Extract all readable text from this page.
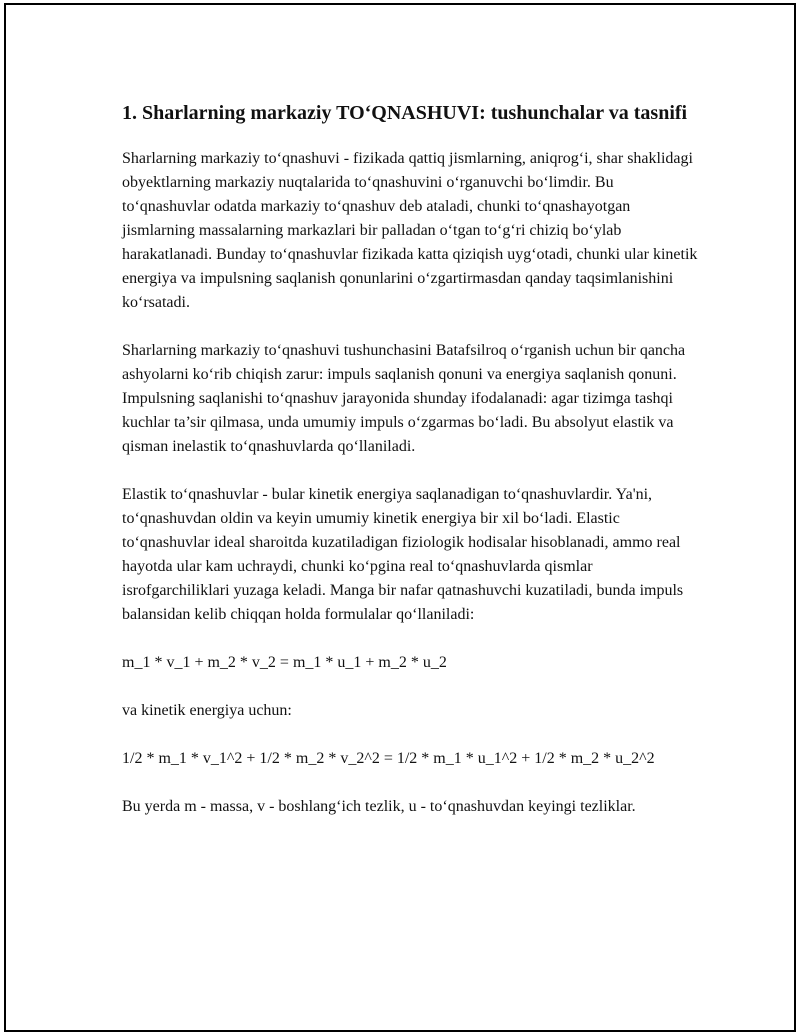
1. Sharlarning markaziy TO‘QNASHUVI: tushunchalar va tasnifi

Sharlarning markaziy to‘qnashuvi - fizikada qattiq jismlarning, aniqrog‘i, shar shaklidagi obyektlarning markaziy nuqtalarida to‘qnashuvini o‘rganuvchi bo‘limdir. Bu to‘qnashuvlar odatda markaziy to‘qnashuv deb ataladi, chunki to‘qnashayotgan jismlarning massalarning markazlari bir palladan o‘tgan to‘g‘ri chiziq bo‘ylab harakatlanadi. Bunday to‘qnashuvlar fizikada katta qiziqish uyg‘otadi, chunki ular kinetik energiya va impulsning saqlanish qonunlarini o‘zgartirmasdan qanday taqsimlanishini ko‘rsatadi.

Sharlarning markaziy to‘qnashuvi tushunchasini Batafsilroq o‘rganish uchun bir qancha ashyolarni ko‘rib chiqish zarur: impuls saqlanish qonuni va energiya saqlanish qonuni. Impulsning saqlanishi to‘qnashuv jarayonida shunday ifodalanadi: agar tizimga tashqi kuchlar ta’sir qilmasa, unda umumiy impuls o‘zgarmas bo‘ladi. Bu absolyut elastik va qisman inelastik to‘qnashuvlarda qo‘llaniladi.

Elastik to‘qnashuvlar - bular kinetik energiya saqlanadigan to‘qnashuvlardir. Ya'ni, to‘qnashuvdan oldin va keyin umumiy kinetik energiya bir xil bo‘ladi. Elastic to‘qnashuvlar ideal sharoitda kuzatiladigan fiziologik hodisalar hisoblanadi, ammo real hayotda ular kam uchraydi, chunki ko‘pgina real to‘qnashuvlarda qismlar isrofgarchiliklari yuzaga keladi. Manga bir nafar qatnashuvchi kuzatiladi, bunda impuls balansidan kelib chiqqan holda formulalar qo‘llaniladi:

m_1 * v_1 + m_2 * v_2 = m_1 * u_1 + m_2 * u_2

va kinetik energiya uchun:

1/2 * m_1 * v_1^2 + 1/2 * m_2 * v_2^2 = 1/2 * m_1 * u_1^2 + 1/2 * m_2 * u_2^2

Bu yerda m - massa, v - boshlang‘ich tezlik, u - to‘qnashuvdan keyingi tezliklar.
